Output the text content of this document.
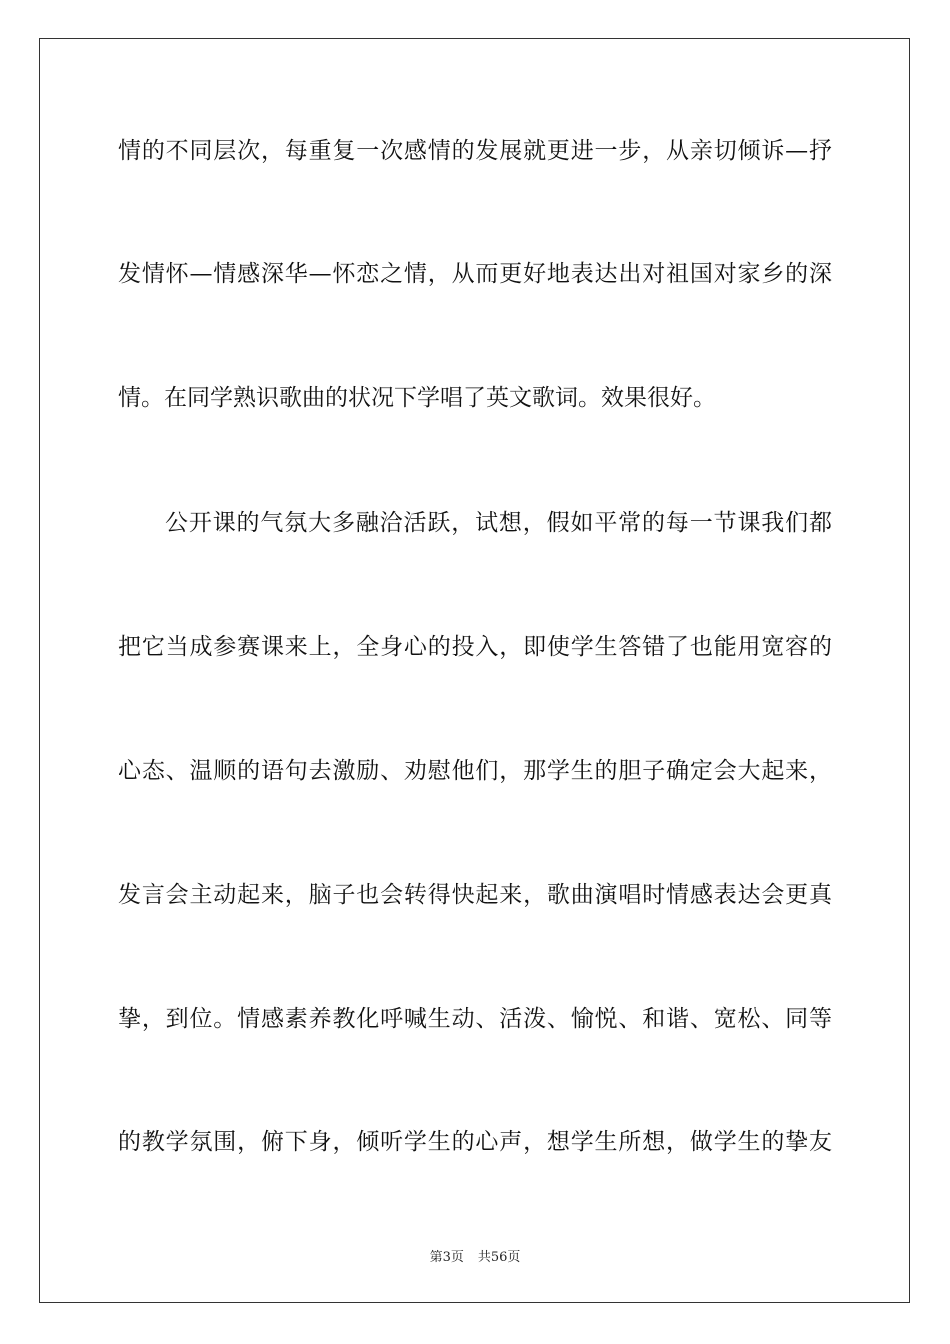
情的不同层次，每重复一次感情的发展就更进一步，从亲切倾诉—抒
发情怀—情感深华—怀恋之情，从而更好地表达出对祖国对家乡的深
情。在同学熟识歌曲的状况下学唱了英文歌词。效果很好。
公开课的气氛大多融洽活跃，试想，假如平常的每一节课我们都
把它当成参赛课来上，全身心的投入，即使学生答错了也能用宽容的
心态、温顺的语句去激励、劝慰他们，那学生的胆子确定会大起来，
发言会主动起来，脑子也会转得快起来，歌曲演唱时情感表达会更真
挚，到位。情感素养教化呼喊生动、活泼、愉悦、和谐、宽松、同等
的教学氛围，俯下身，倾听学生的心声，想学生所想，做学生的挚友
第3页 共56页
